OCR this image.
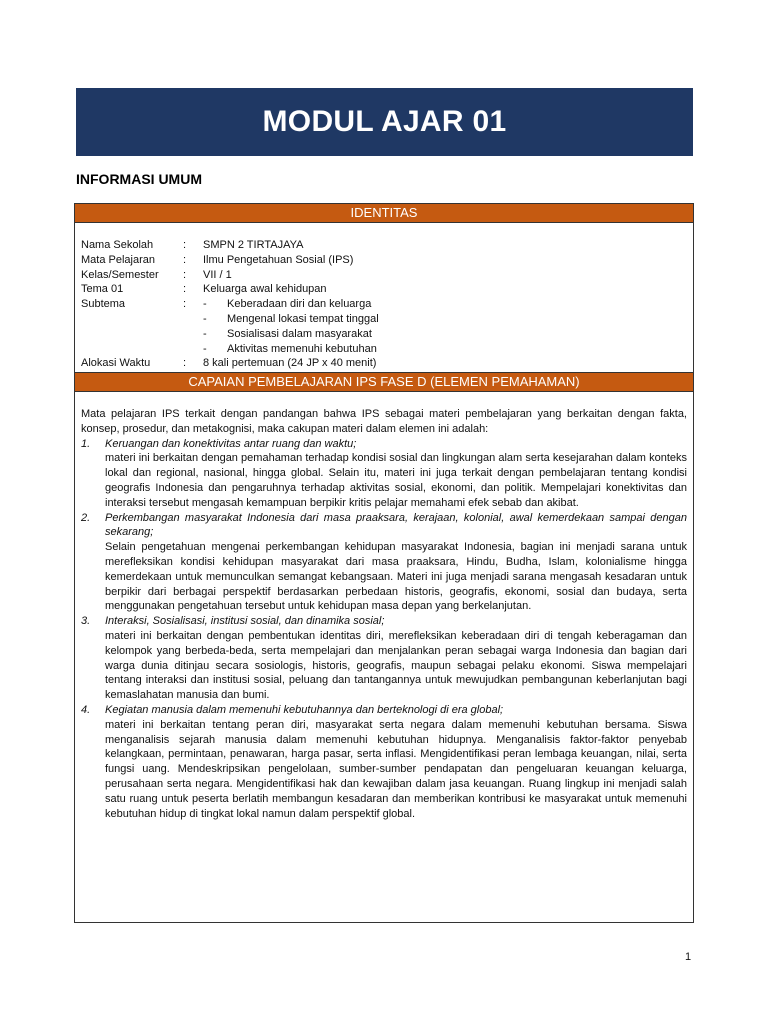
MODUL AJAR 01
INFORMASI UMUM
IDENTITAS
Nama Sekolah	:	SMPN 2 TIRTAJAYA
Mata Pelajaran	:	Ilmu Pengetahuan Sosial (IPS)
Kelas/Semester	:	VII / 1
Tema 01	:	Keluarga awal kehidupan
Subtema	:	-	Keberadaan diri dan keluarga
-	Mengenal lokasi tempat tinggal
-	Sosialisasi dalam masyarakat
-	Aktivitas memenuhi kebutuhan
Alokasi Waktu	:	8 kali pertemuan (24 JP x 40 menit)
CAPAIAN PEMBELAJARAN IPS FASE D (ELEMEN PEMAHAMAN)

Mata pelajaran IPS terkait dengan pandangan bahwa IPS sebagai materi pembelajaran yang berkaitan dengan fakta, konsep, prosedur, dan metakognisi, maka cakupan materi dalam elemen ini adalah:

1.	Keruangan dan konektivitas antar ruang dan waktu;

materi ini berkaitan dengan pemahaman terhadap kondisi sosial dan lingkungan alam serta kesejarahan dalam konteks lokal dan regional, nasional, hingga global. Selain itu, materi ini juga terkait dengan pembelajaran tentang kondisi geografis Indonesia dan pengaruhnya terhadap aktivitas sosial, ekonomi, dan politik. Mempelajari konektivitas dan interaksi tersebut mengasah kemampuan berpikir kritis pelajar memahami efek sebab dan akibat.

2.	Perkembangan masyarakat Indonesia dari masa praaksara, kerajaan, kolonial, awal kemerdekaan sampai dengan sekarang;

Selain pengetahuan mengenai perkembangan kehidupan masyarakat Indonesia, bagian ini menjadi sarana untuk merefleksikan kondisi kehidupan masyarakat dari masa praaksara, Hindu, Budha, Islam, kolonialisme hingga kemerdekaan untuk memunculkan semangat kebangsaan. Materi ini juga menjadi sarana mengasah kesadaran untuk berpikir dari berbagai perspektif berdasarkan perbedaan historis, geografis, ekonomi, sosial dan budaya, serta menggunakan pengetahuan tersebut untuk kehidupan masa depan yang berkelanjutan.

3.	Interaksi, Sosialisasi, institusi sosial, dan dinamika sosial;

materi ini berkaitan dengan pembentukan identitas diri, merefleksikan keberadaan diri di tengah keberagaman dan kelompok yang berbeda-beda, serta mempelajari dan menjalankan peran sebagai warga Indonesia dan bagian dari warga dunia ditinjau secara sosiologis, historis, geografis, maupun sebagai pelaku ekonomi. Siswa mempelajari tentang interaksi dan institusi sosial, peluang dan tantangannya untuk mewujudkan pembangunan keberlanjutan bagi kemaslahatan manusia dan bumi.

4.	Kegiatan manusia dalam memenuhi kebutuhannya dan berteknologi di era global;

materi ini berkaitan tentang peran diri, masyarakat serta negara dalam memenuhi kebutuhan bersama. Siswa menganalisis sejarah manusia dalam memenuhi kebutuhan hidupnya. Menganalisis faktor-faktor penyebab kelangkaan, permintaan, penawaran, harga pasar, serta inflasi. Mengidentifikasi peran lembaga keuangan, nilai, serta fungsi uang. Mendeskripsikan pengelolaan, sumber-sumber pendapatan dan pengeluaran keuangan keluarga, perusahaan serta negara. Mengidentifikasi hak dan kewajiban dalam jasa keuangan. Ruang lingkup ini menjadi salah satu ruang untuk peserta berlatih membangun kesadaran dan memberikan kontribusi ke masyarakat untuk memenuhi kebutuhan hidup di tingkat lokal namun dalam perspektif global.

1
